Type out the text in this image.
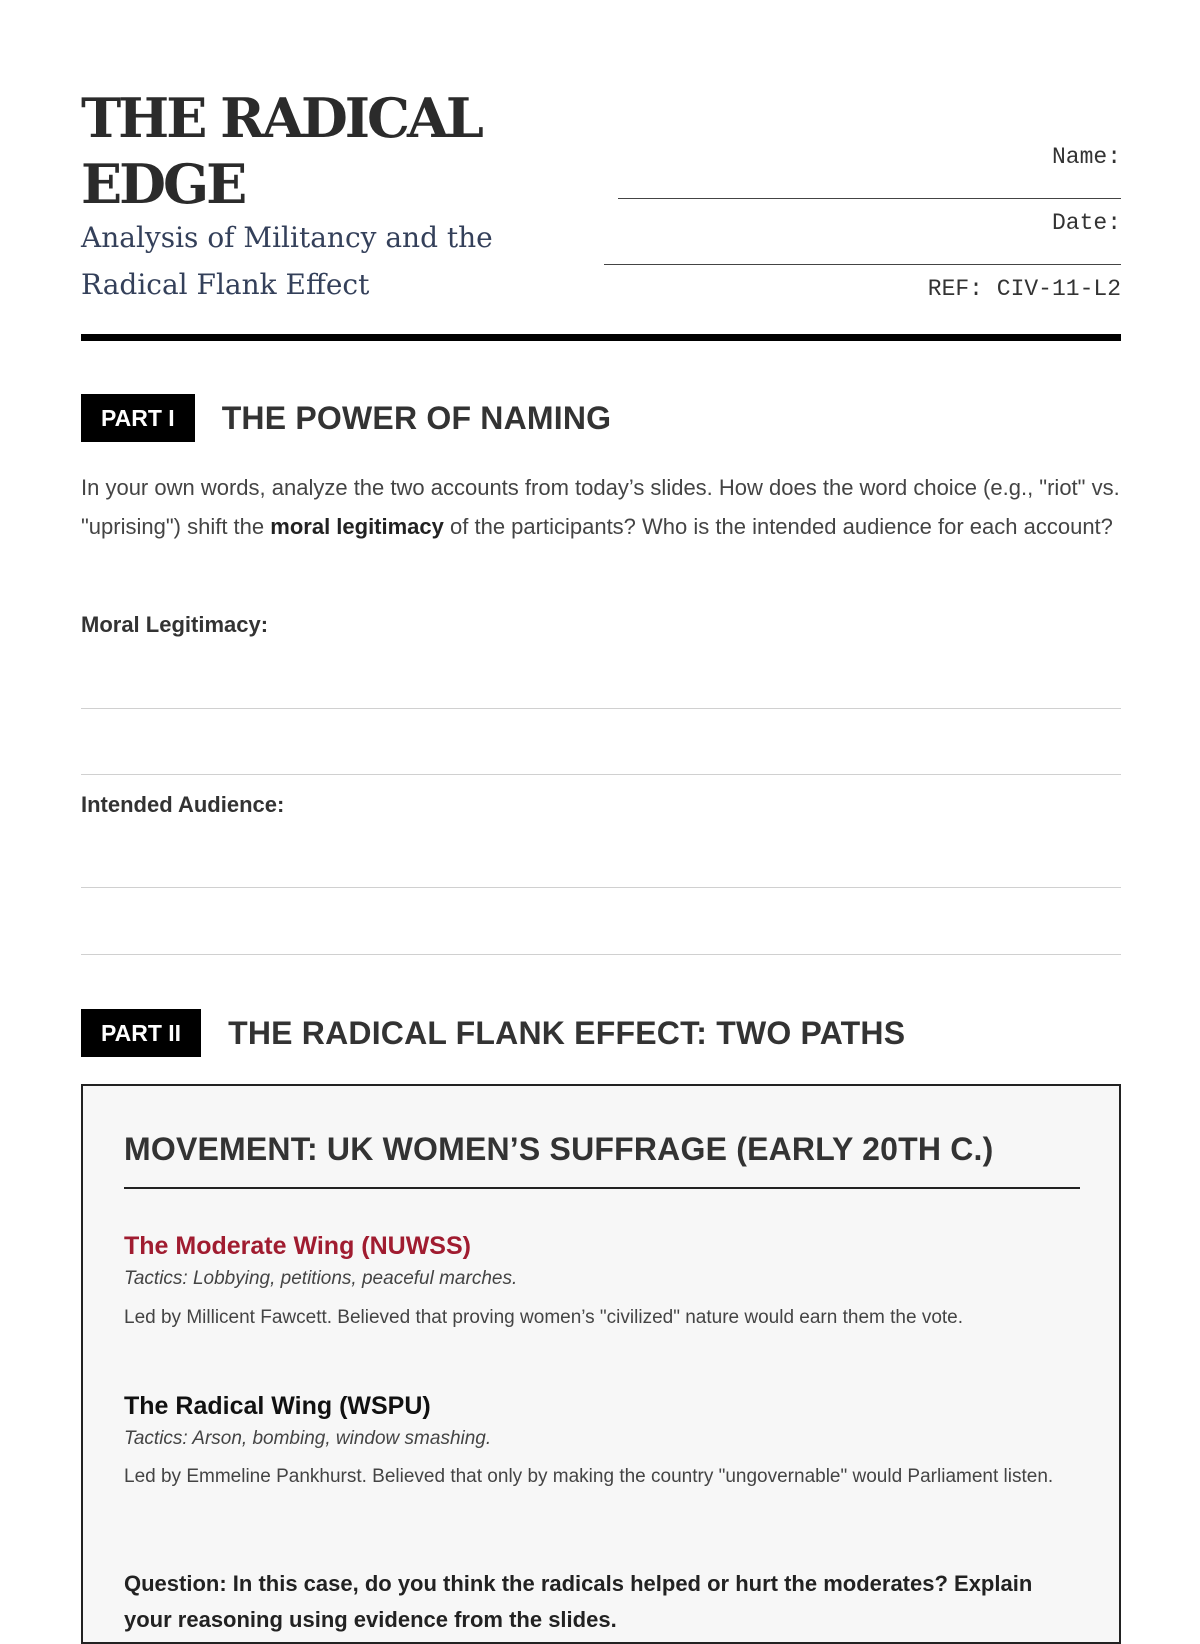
THE RADICAL EDGE

Analysis of Militancy and the Radical Flank Effect

Name:
Date:
REF: CIV-11-L2
PART I	THE POWER OF NAMING

In your own words, analyze the two accounts from today’s slides. How does the word choice (e.g., "riot" vs. "uprising") shift the moral legitimacy of the participants? Who is the intended audience for each account?

Moral Legitimacy:

Intended Audience:

PART II	THE RADICAL FLANK EFFECT: TWO PATHS
MOVEMENT: UK WOMEN’S SUFFRAGE (EARLY 20TH C.)

The Moderate Wing (NUWSS)

Tactics: Lobbying, petitions, peaceful marches.

Led by Millicent Fawcett. Believed that proving women’s "civilized" nature would earn them the vote.

The Radical Wing (WSPU)

Tactics: Arson, bombing, window smashing.

Led by Emmeline Pankhurst. Believed that only by making the country "ungovernable" would Parliament listen.

Question: In this case, do you think the radicals helped or hurt the moderates? Explain your reasoning using evidence from the slides.
